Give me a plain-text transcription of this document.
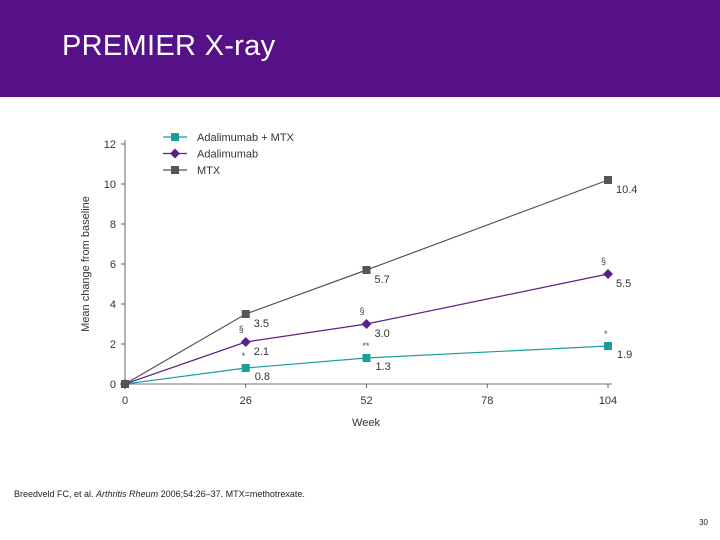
PREMIER X-ray
0
2
4
6
8
10
12
0	26	52	78	104
Week
Mean change from baseline
0.8
*
1.3
**
1.9
*
2.1
§	3.0
§
5.5
§
3.5
5.7
10.4
Adalimumab + MTX
Adalimumab
MTX
Breedveld FC, et al. Arthritis Rheum 2006;54:26–37. MTX=methotrexate.
30
